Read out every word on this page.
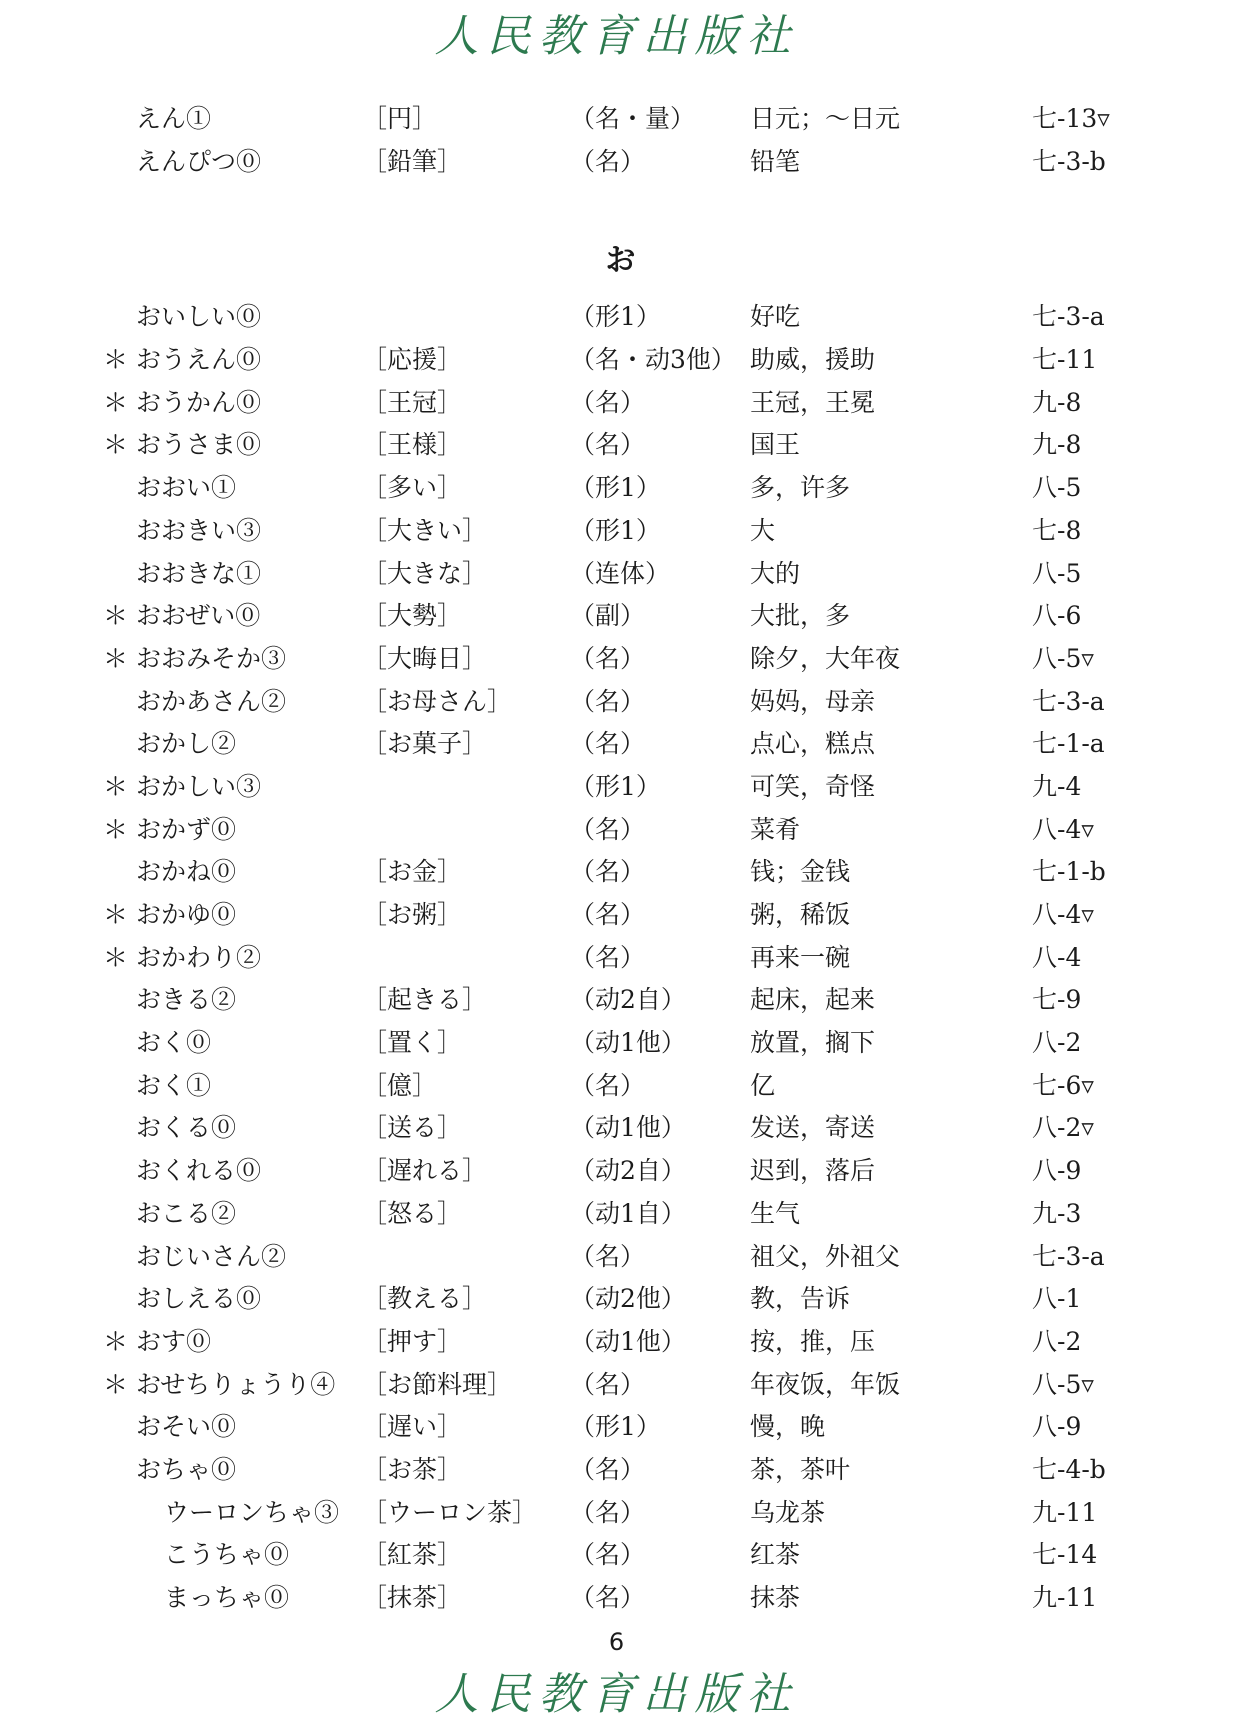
人民教育出版社
えん①	［円］	（名・量） 日元；～日元	七-13▿
えんぴつ⓪	［鉛筆］	（名）	铅笔	七-3-b
お
おいしい⓪	（形1）	好吃	七-3-a
＊ おうえん⓪	［応援］	（名・动3他） 助威，援助	七-11
＊ おうかん⓪	［王冠］	（名）	王冠，王冕	九-8
＊ おうさま⓪	［王様］	（名）	国王	九-8
おおい①	［多い］	（形1）	多，许多	八-5
おおきい③	［大きい］	（形1）	大	七-8
おおきな①	［大きな］	（连体）	大的	八-5
＊ おおぜい⓪	［大勢］	（副）	大批，多	八-6
＊ おおみそか③	［大晦日］	（名）	除夕，大年夜	八-5▿
おかあさん②	［お母さん］ （名）	妈妈，母亲	七-3-a
おかし②	［お菓子］	（名）	点心，糕点	七-1-a
＊ おかしい③	（形1）	可笑，奇怪	九-4
＊ おかず⓪	（名）	菜肴	八-4▿
おかね⓪	［お金］	（名）	钱；金钱	七-1-b
＊ おかゆ⓪	［お粥］	（名）	粥，稀饭	八-4▿
＊ おかわり②	（名）	再来一碗	八-4
おきる②	［起きる］	（动2自）	起床，起来	七-9
おく⓪	［置く］	（动1他）	放置，搁下	八-2
おく①	［億］	（名）	亿	七-6▿
おくる⓪	［送る］	（动1他）	发送，寄送	八-2▿
おくれる⓪	［遅れる］	（动2自）	迟到，落后	八-9
おこる②	［怒る］	（动1自）	生气	九-3
おじいさん②	（名）	祖父，外祖父	七-3-a
おしえる⓪	［教える］	（动2他）	教，告诉	八-1
＊ おす⓪	［押す］	（动1他）	按，推，压	八-2
＊ おせちりょうり④ ［お節料理］ （名）	年夜饭，年饭	八-5▿
おそい⓪	［遅い］	（形1）	慢，晚	八-9
おちゃ⓪	［お茶］	（名）	茶，茶叶	七-4-b
ウーロンちゃ③ ［ウーロン茶］ （名）	乌龙茶	九-11
こうちゃ⓪	［紅茶］	（名）	红茶	七-14
まっちゃ⓪	［抹茶］	（名）	抹茶	九-11
6
人民教育出版社
